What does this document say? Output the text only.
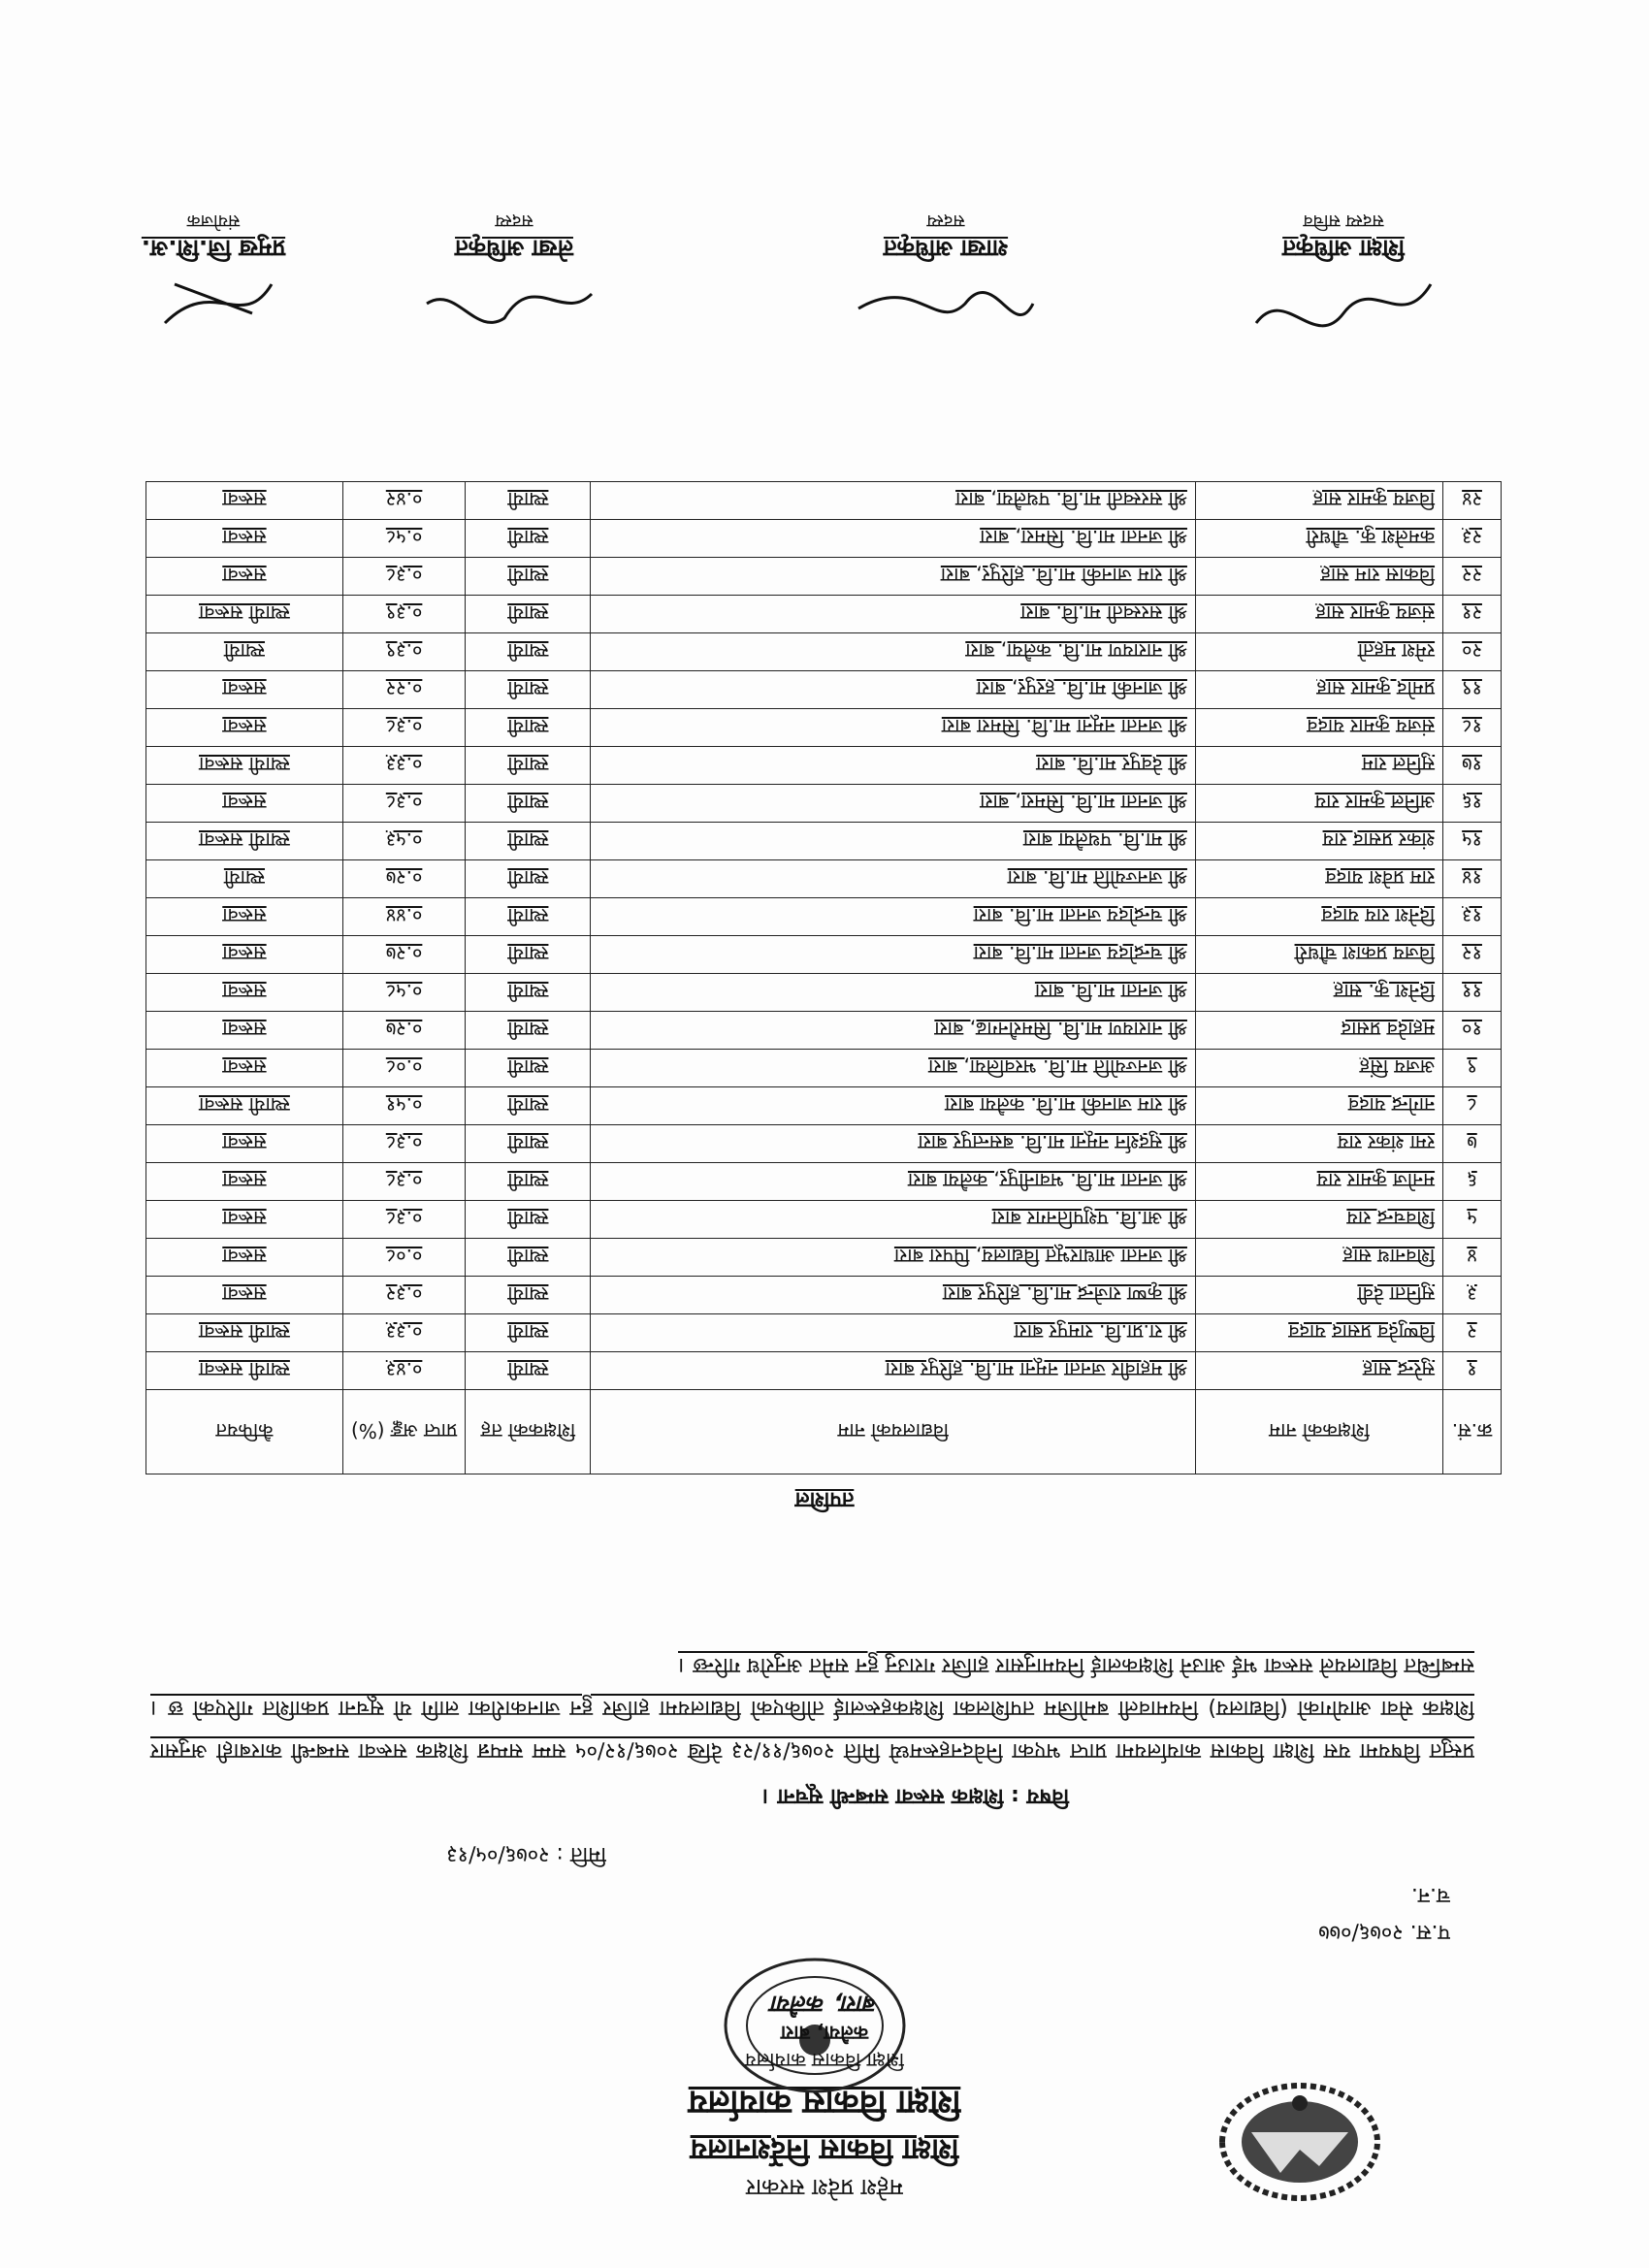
महेश प्रदेश सरकार
शिक्षा विकास निर्देशनालय
शिक्षा विकास कार्यालय
शिक्षा विकास कार्यालय
कलैया, बारा
बारा, कलैया
प.स. २०७६/०७७
च.न.
मिति : २०७६/०५/१३
विषय : शिक्षक सरूवा सम्बन्धी सूचना ।
प्रस्तुत विषयमा यस शिक्षा विकास कार्यालयमा प्राप्त भएका निवेदनहरूमध्ये मिति २०७६/११/२३ देखि २०७६/१२/०५ सम्म सम्पन्न शिक्षक सरूवा सम्बन्धी कारबाही अनुसार शिक्षक सेवा आयोगको (विद्यालय) नियमावली बमोजिम तपशिलका शिक्षकहरूलाई तोकिएको विद्यालयमा हाजिर हुन जानकारीका लागि यो सूचना प्रकाशित गरिएको छ । सम्बन्धित विद्यालयले सरूवा भई आउने शिक्षकलाई नियमानुसार हाजिर गराउनु हुन समेत अनुरोध गरिन्छ ।
तपशिल
क्र.सं.	शिक्षकको नाम	विद्यालयको नाम	शिक्षकको तह	प्राप्त अङ्क (%)	कैफियत
१	सुरेन्द्र साह	श्री महावीर जनता नमूना मा.वि. हरिपुर बारा	स्थायी	०.४३	स्थायी सरूवा
२	विष्णुदेव प्रसाद यादव	श्री रा.प्रा.वि. रामपुर बारा	स्थायी	०.३३	स्थायी सरूवा
३	सुनिता देवी	श्री कृष्ण राजेन्द्र मा.वि. हरिपुर बारा	स्थायी	०.३२	सरूवा
४	शिवनाथ साह	श्री जनता आधारभूत विद्यालय, पिपरा बारा	स्थायी	०.०८	सरूवा
५	शिवचन्द्र राय	श्री आ.वि. पशुपतिनगर बारा	स्थायी	०.३८	सरूवा
६	मनोज कुमार राय	श्री जनता मा.वि. भवानीपुर, कलैया बारा	स्थायी	०.३८	सरूवा
७	रमा शंकर राय	श्री सुदर्शन नमूना मा.वि. बसन्तपुर बारा	स्थायी	०.३८	सरूवा
८	नागेन्द्र यादव	श्री राम जानकी मा.वि. कलैया बारा	स्थायी	०.५१	स्थायी सरूवा
९	अजय सिंह	श्री जनज्योति मा.वि. भरवलिया, बारा	स्थायी	०.०८	सरूवा
१०	महादेव प्रसाद	श्री नारायण मा.वि. सिमरौनगढ, बारा	स्थायी	०.२७	सरूवा
११	दिनेश कु. साह	श्री जनता मा.वि. बारा	स्थायी	०.५८	सरूवा
१२	विजय प्रकाश चौधरी	श्री चन्द्रोदय जनता मा.वि. बारा	स्थायी	०.२७	सरूवा
१३	दिनेश राय यादव	श्री चन्द्रोदय जनता मा.वि. बारा	स्थायी	०.४४	सरूवा
१४	राम प्रवेश यादव	श्री जनज्योति मा.वि. बारा	स्थायी	०.२७	स्थायी
१५	शंकर प्रसाद राय	श्री मा.वि. पथलैया बारा	स्थायी	०.५३	स्थायी सरूवा
१६	अनिल कुमार राय	श्री जनता मा.वि. सिमरा, बारा	स्थायी	०.३८	सरूवा
१७	सुनिल राम	श्री देवपुर मा.वि. बारा	स्थायी	०.३३	स्थायी सरूवा
१८	संजय कुमार यादव	श्री जनता नमूना मा.वि. सिमरा बारा	स्थायी	०.३८	सरूवा
१९	प्रमोद कुमार साह	श्री जानकी मा.वि. हरपुर, बारा	स्थायी	०.२२	सरूवा
२०	रमेश महतो	श्री नारायण मा.वि. कलैया, बारा	स्थायी	०.३९	स्थायी
२१	संजय कुमार साह	श्री सरस्वती मा.वि. बारा	स्थायी	०.३९	स्थायी सरूवा
२२	विकास राम साह	श्री राम जानकी मा.वि. हरिपुर, बारा	स्थायी	०.३८	सरूवा
२३	कमलेश कु. चौधरी	श्री जनता मा.वि. सिमरा, बारा	स्थायी	०.५८	सरूवा
२४	विजय कुमार साह	श्री सरस्वती मा.वि. पथलैया, बारा	स्थायी	०.४२	सरूवा
शिक्षा अधिकृत
सदस्य सचिव
शाखा अधिकृत
सदस्य
लेखा अधिकृत
सदस्य
प्रमुख जि.शि.अ.
संयोजक
